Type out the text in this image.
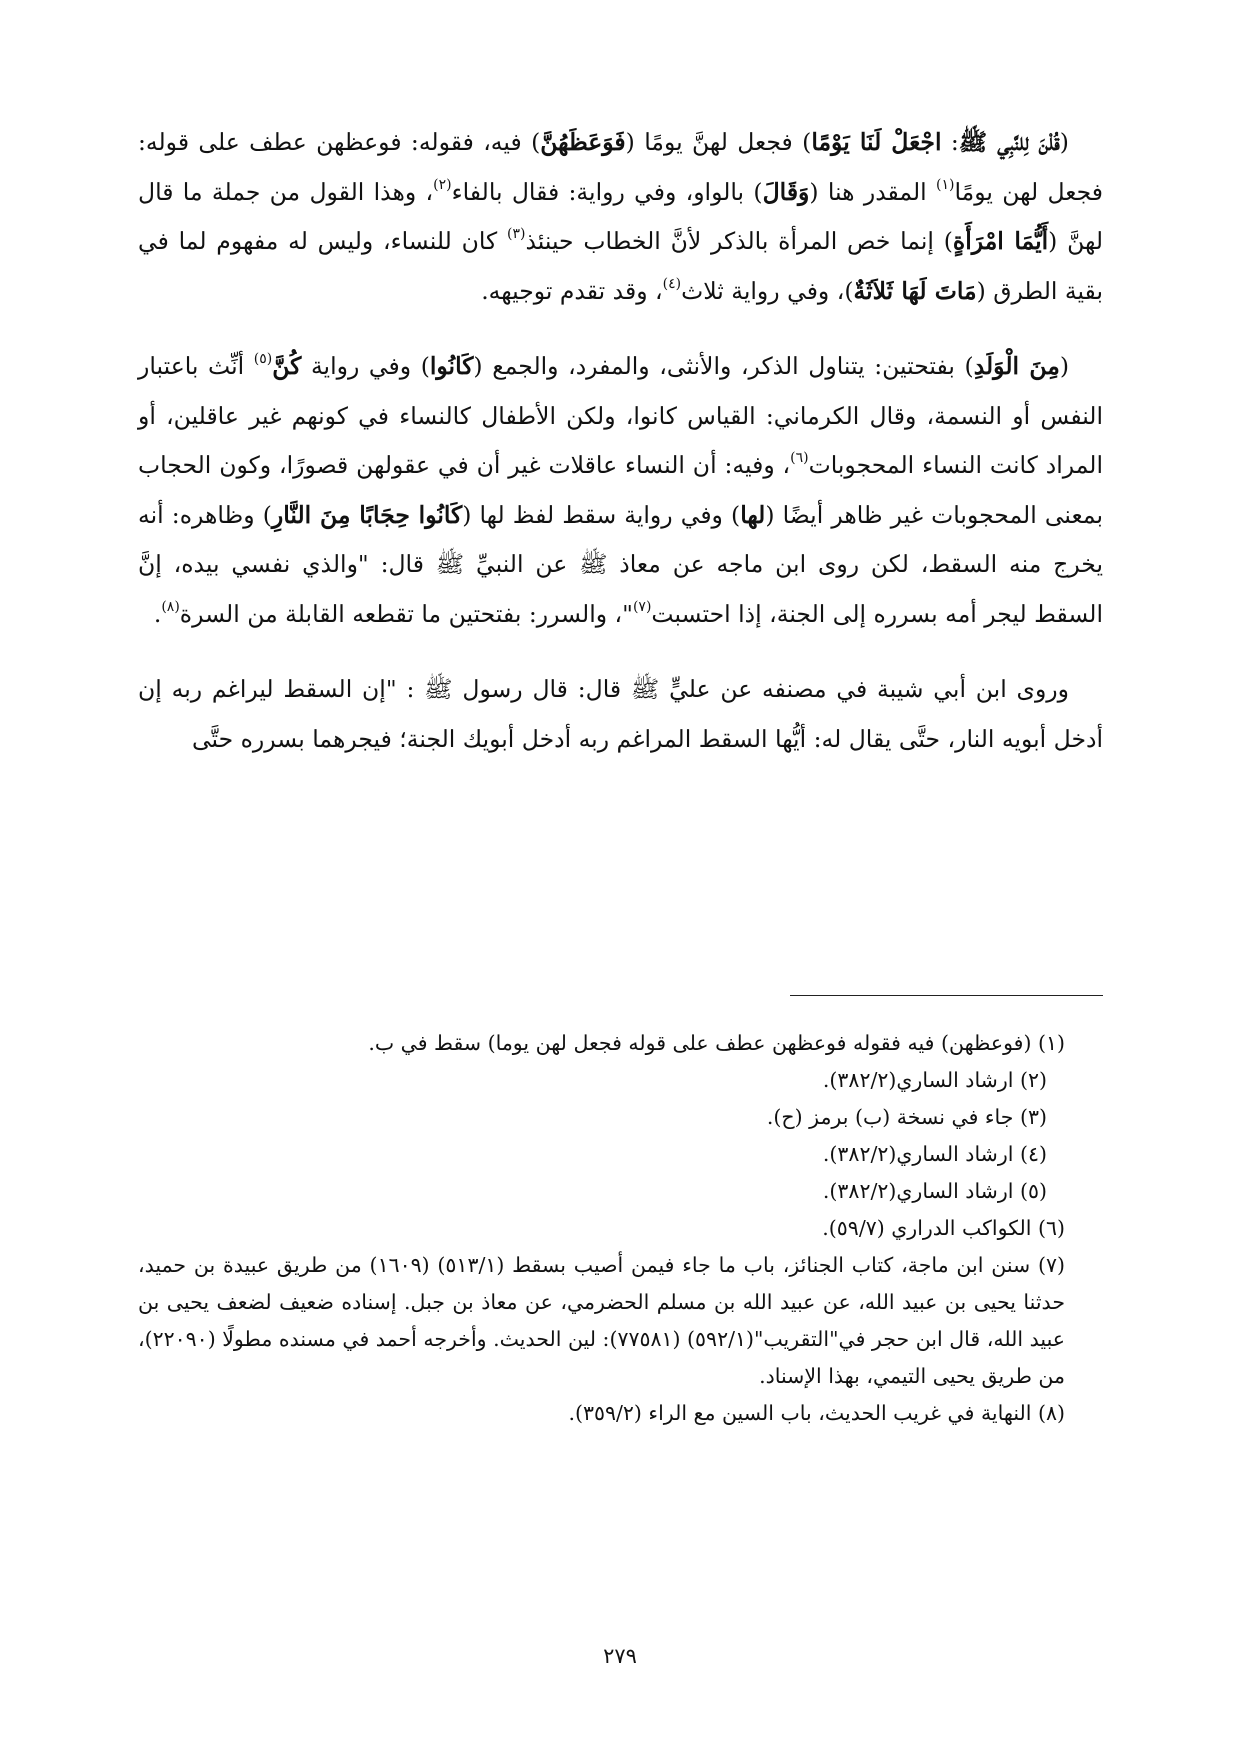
(قُلْنَ لِلنَّبِي ﷺ: اجْعَلْ لَنَا يَوْمًا) فجعل لهنَّ يومًا (فَوَعَظَهُنَّ) فيه، فقوله: فوعظهن عطف على قوله: فجعل لهن يومًا$^{(١)}$ المقدر هنا (وَقَالَ) بالواو، وفي رواية: فقال بالفاء$^{(٢)}$، وهذا القول من جملة ما قال لهنَّ (أَيُّمَا امْرَأَةٍ) إنما خص المرأة بالذكر لأنَّ الخطاب حينئذ$^{(٣)}$ كان للنساء، وليس له مفهوم لما في بقية الطرق (مَاتَ لَهَا ثَلاَثَةٌ)، وفي رواية ثلاث$^{(٤)}$، وقد تقدم توجيهه.

(مِنَ الْوَلَدِ) بفتحتين: يتناول الذكر، والأنثى، والمفرد، والجمع (كَانُوا) وفي رواية كُنَّ$^{(٥)}$ أنِّث باعتبار النفس أو النسمة، وقال الكرماني: القياس كانوا، ولكن الأطفال كالنساء في كونهم غير عاقلين، أو المراد كانت النساء المحجوبات$^{(٦)}$، وفيه: أن النساء عاقلات غير أن في عقولهن قصورًا، وكون الحجاب بمعنى المحجوبات غير ظاهر أيضًا (لها) وفي رواية سقط لفظ لها (كَانُوا حِجَابًا مِنَ النَّارِ) وظاهره: أنه يخرج منه السقط، لكن روى ابن ماجه عن معاذ ﷺ عن النبيِّ ﷺ قال: "والذي نفسي بيده، إنَّ السقط ليجر أمه بسرره إلى الجنة، إذا احتسبت$^{(٧)}$"، والسرر: بفتحتين ما تقطعه القابلة من السرة$^{(٨)}$.

وروى ابن أبي شيبة في مصنفه عن عليٍّ ﷺ قال: قال رسول ﷺ : "إن السقط ليراغم ربه إن أدخل أبويه النار، حتَّى يقال له: أيُّها السقط المراغم ربه أدخل أبويك الجنة؛ فيجرهما بسرره حتَّى

(١) (فوعظهن) فيه فقوله فوعظهن عطف على قوله فجعل لهن يوما) سقط في ب.

(٢) ارشاد الساري(٣٨٢/٢).

(٣) جاء في نسخة (ب) برمز (ح).

(٤) ارشاد الساري(٣٨٢/٢).

(٥) ارشاد الساري(٣٨٢/٢).

(٦) الكواكب الدراري (٥٩/٧).

(٧) سنن ابن ماجة، كتاب الجنائز، باب ما جاء فيمن أصيب بسقط (٥١٣/١) (١٦٠٩) من طريق عبيدة بن حميد، حدثنا يحيى بن عبيد الله، عن عبيد الله بن مسلم الحضرمي، عن معاذ بن جبل. إسناده ضعيف لضعف يحيى بن عبيد الله، قال ابن حجر في"التقريب"(٥٩٢/١) (٧٧٥٨١): لين الحديث. وأخرجه أحمد في مسنده مطولًا (٢٢٠٩٠)، من طريق يحيى التيمي، بهذا الإسناد.

(٨) النهاية في غريب الحديث، باب السين مع الراء (٣٥٩/٢).

٢٧٩
